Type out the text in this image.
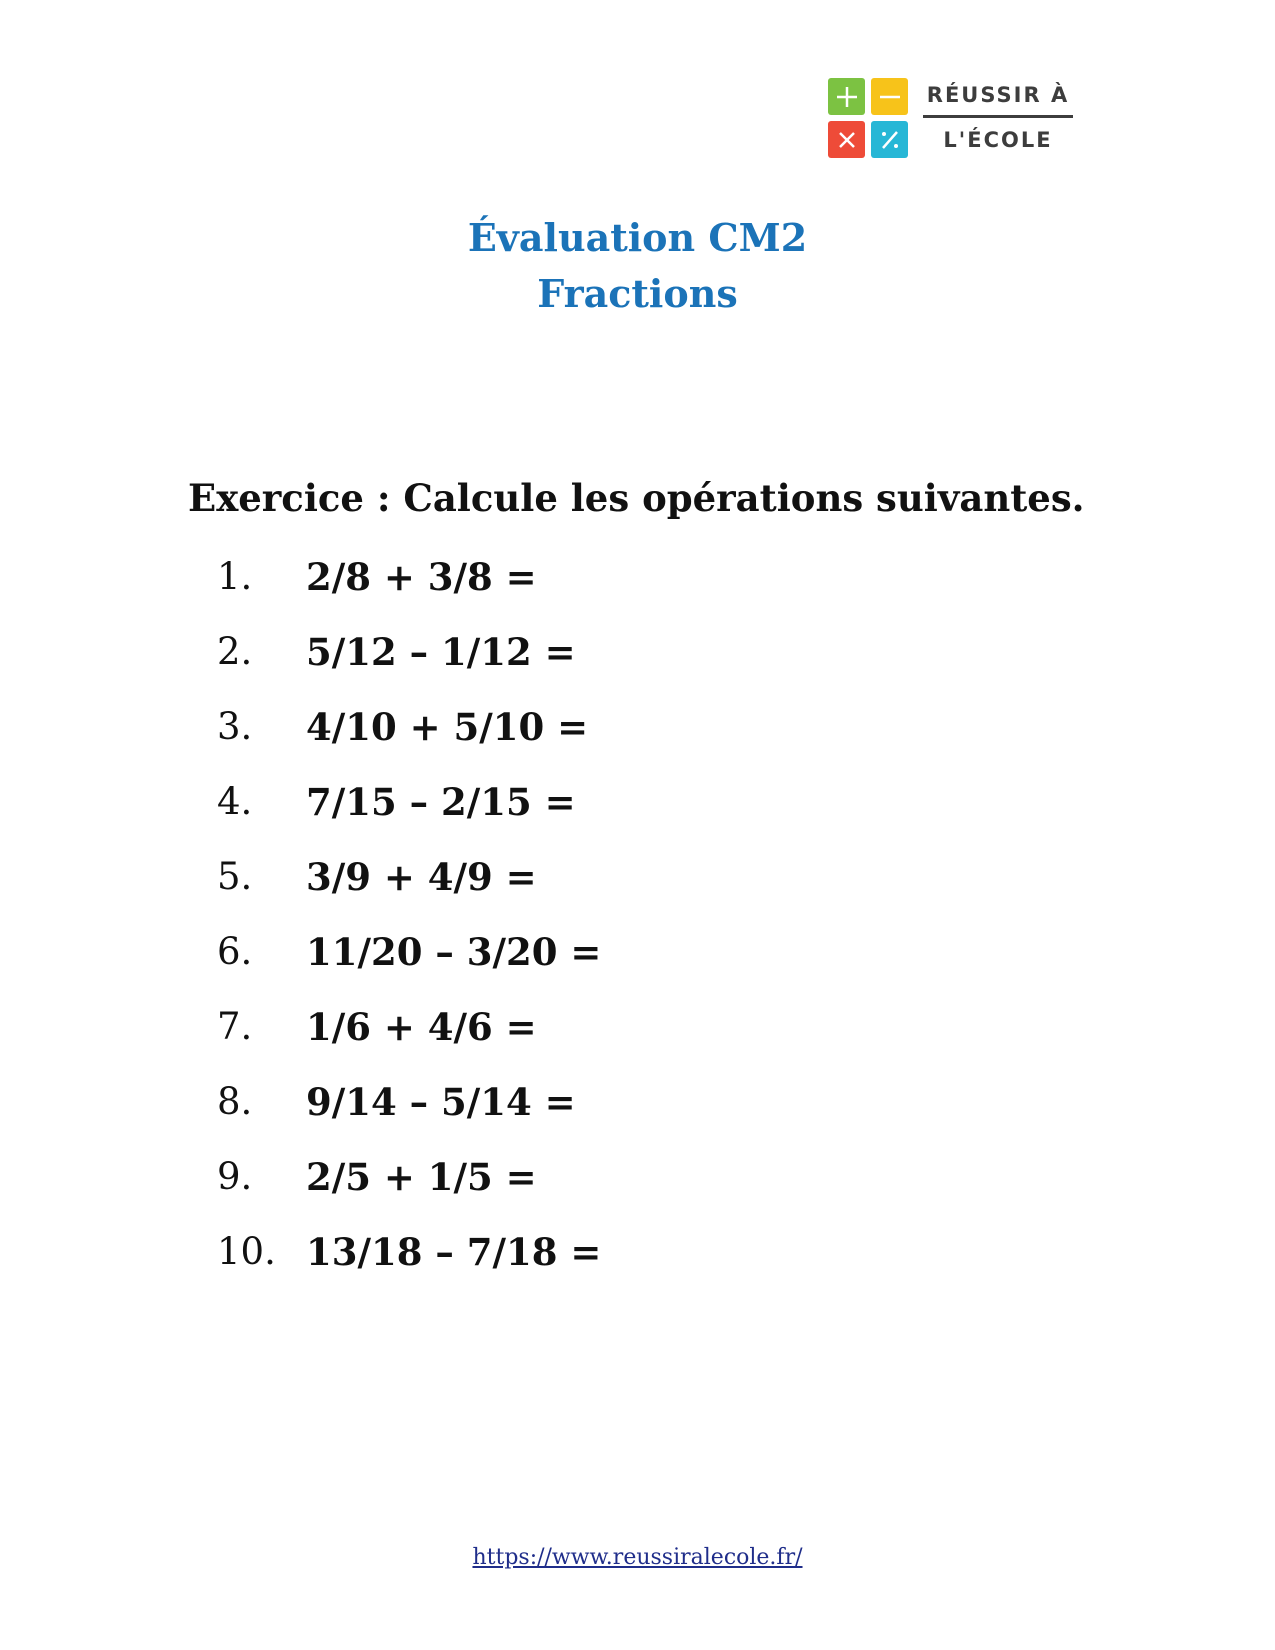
RÉUSSIR À
L'ÉCOLE
Évaluation CM2
Fractions
Exercice : Calcule les opérations suivantes.
1. 2/8 + 3/8 =
2. 5/12 – 1/12 =
3. 4/10 + 5/10 =
4. 7/15 – 2/15 =
5. 3/9 + 4/9 =
6. 11/20 – 3/20 =
7. 1/6 + 4/6 =
8. 9/14 – 5/14 =
9. 2/5 + 1/5 =
10. 13/18 – 7/18 =
https://www.reussiralecole.fr/
